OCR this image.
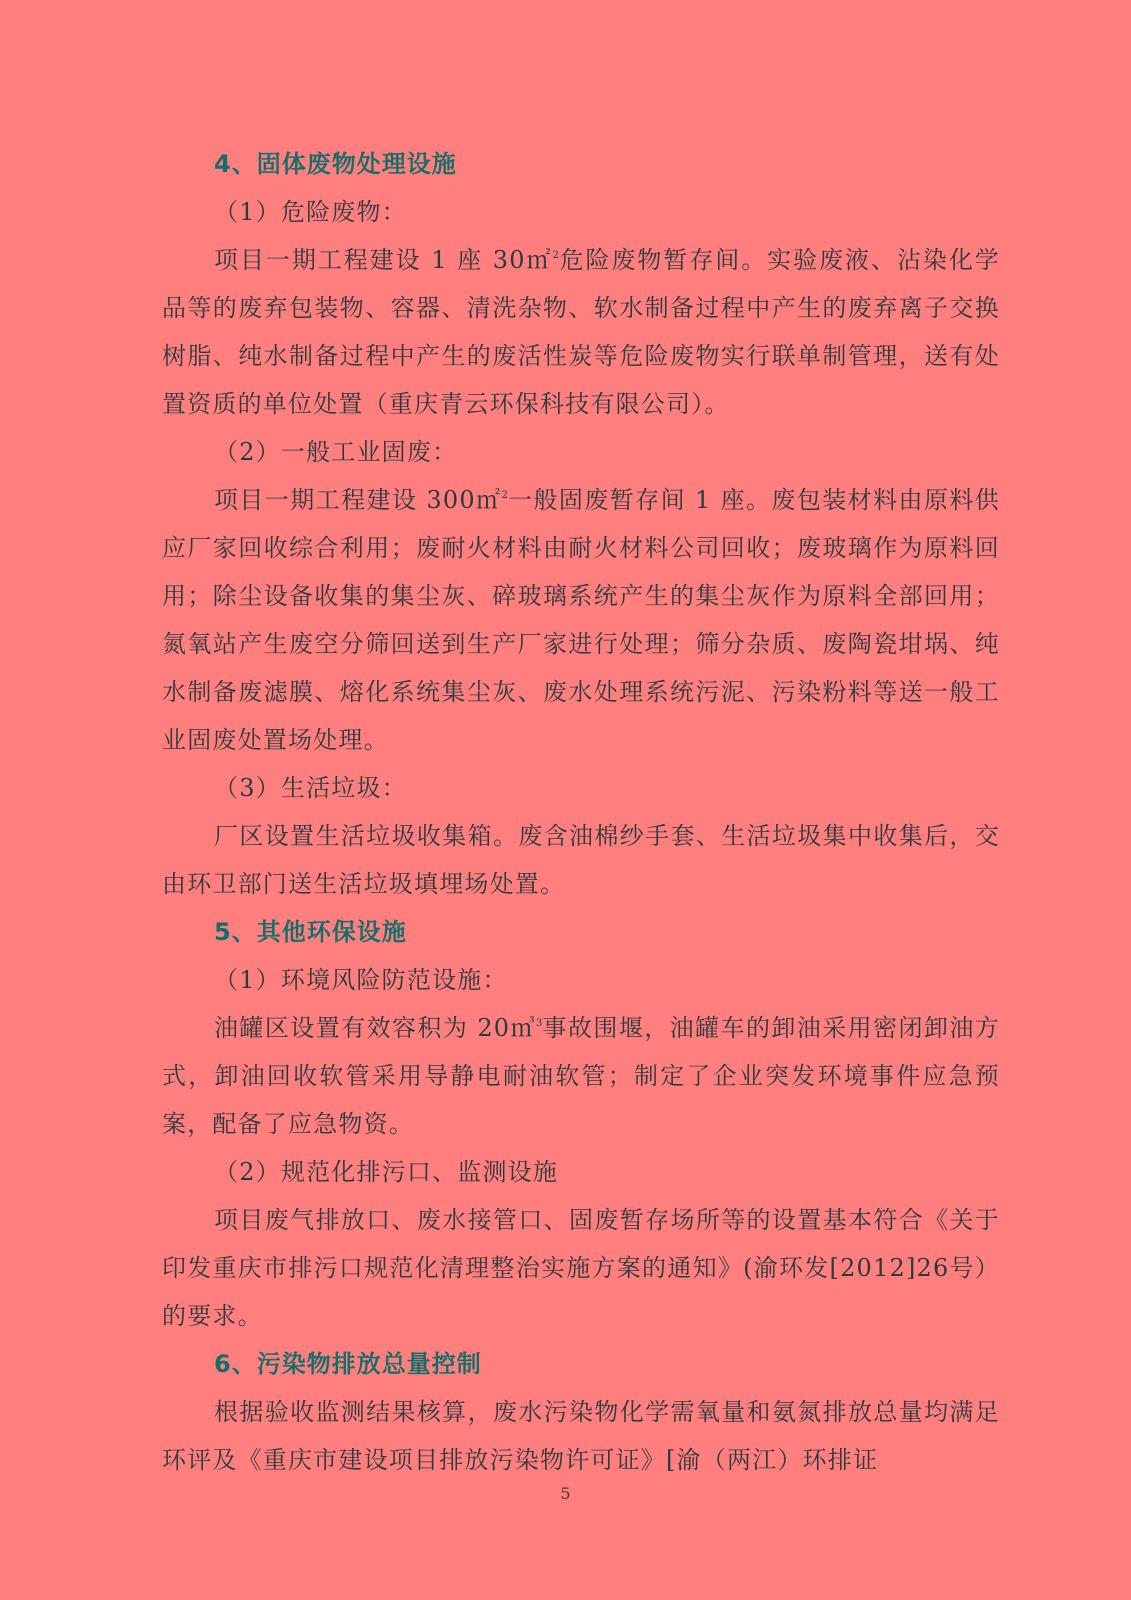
4、固体废物处理设施
（1）危险废物：
项目一期工程建设 1 座 30㎡$^2$危险废物暂存间。实验废液、沾染化学品等的废弃包装物、容器、清洗杂物、软水制备过程中产生的废弃离子交换树脂、纯水制备过程中产生的废活性炭等危险废物实行联单制管理，送有处置资质的单位处置（重庆青云环保科技有限公司）。
（2）一般工业固废：
项目一期工程建设 300㎡$^2$一般固废暂存间 1 座。废包装材料由原料供应厂家回收综合利用；废耐火材料由耐火材料公司回收；废玻璃作为原料回用；除尘设备收集的集尘灰、碎玻璃系统产生的集尘灰作为原料全部回用；氮氧站产生废空分筛回送到生产厂家进行处理；筛分杂质、废陶瓷坩埚、纯水制备废滤膜、熔化系统集尘灰、废水处理系统污泥、污染粉料等送一般工业固废处置场处理。
（3）生活垃圾：
厂区设置生活垃圾收集箱。废含油棉纱手套、生活垃圾集中收集后，交由环卫部门送生活垃圾填埋场处置。
5、其他环保设施
（1）环境风险防范设施：
油罐区设置有效容积为 20㎥$^3$事故围堰，油罐车的卸油采用密闭卸油方式，卸油回收软管采用导静电耐油软管；制定了企业突发环境事件应急预案，配备了应急物资。
（2）规范化排污口、监测设施
项目废气排放口、废水接管口、固废暂存场所等的设置基本符合《关于印发重庆市排污口规范化清理整治实施方案的通知》(渝环发[2012]26号）的要求。
6、污染物排放总量控制
根据验收监测结果核算，废水污染物化学需氧量和氨氮排放总量均满足环评及《重庆市建设项目排放污染物许可证》[渝（两江）环排证
5
